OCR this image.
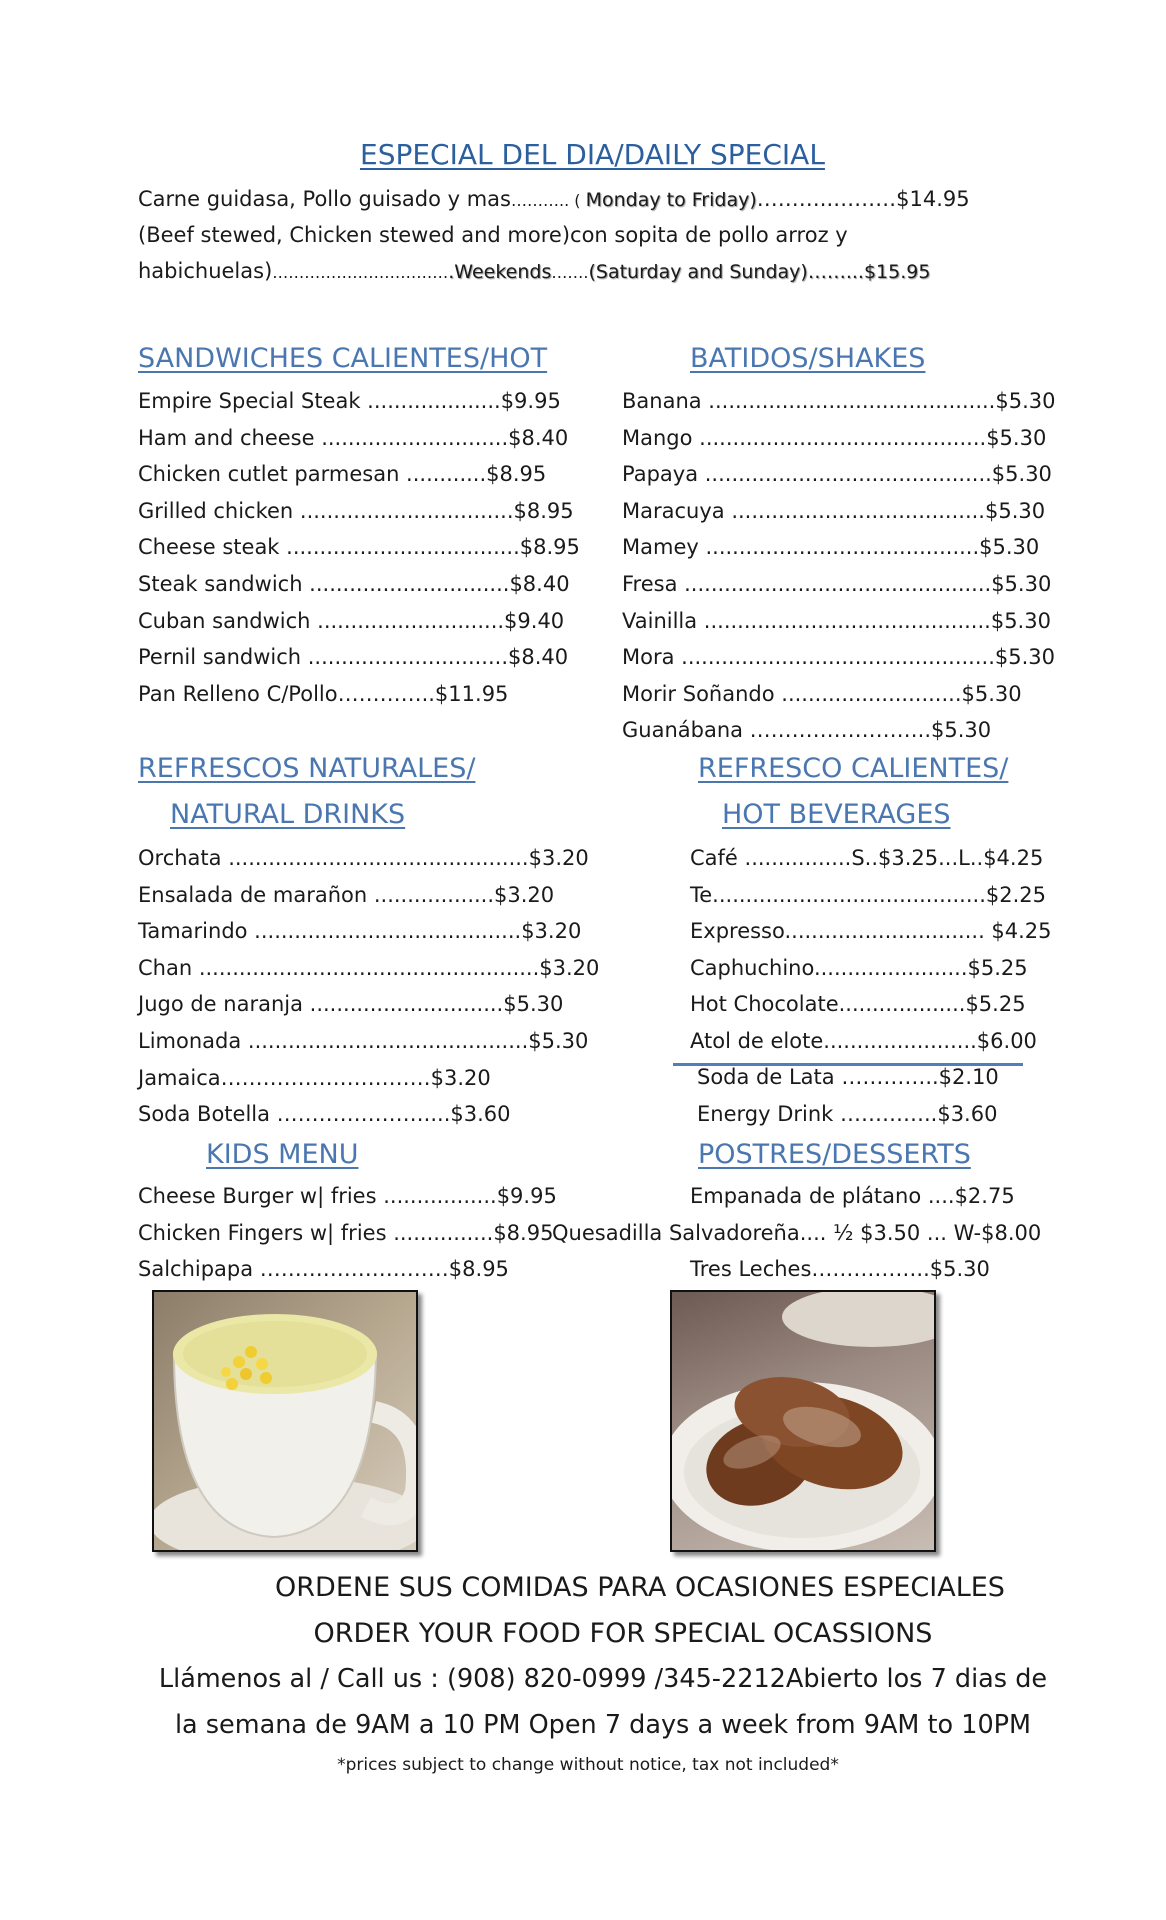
ESPECIAL DEL DIA/DAILY SPECIAL
Carne guidasa, Pollo guisado y mas……….. ( Monday to Friday)………..………$14.95
(Beef stewed, Chicken stewed and more)con sopita de pollo arroz y
habichuelas)…………………………….Weekends…….(Saturday and Sunday)……...$15.95
SANDWICHES CALIENTES/HOT
Empire Special Steak ....................$9.95
Ham and cheese ............................$8.40
Chicken cutlet parmesan ............$8.95
Grilled chicken ................................$8.95
Cheese steak ...................................$8.95
Steak sandwich ..............................$8.40
Cuban sandwich ............................$9.40
Pernil sandwich ..............................$8.40
Pan Relleno C/Pollo…………..$11.95
BATIDOS/SHAKES
Banana ...........................................$5.30
Mango ...........................................$5.30
Papaya ...........................................$5.30
Maracuya ......................................$5.30
Mamey .........................................$5.30
Fresa ..............................................$5.30
Vainilla ...........................................$5.30
Mora ...............................................$5.30
Morir Soñando ...........................$5.30
Guanábana ……………………..$5.30
REFRESCOS NATURALES/
NATURAL DRINKS
Orchata .............................................$3.20
Ensalada de marañon ..................$3.20
Tamarindo ........................................$3.20
Chan ...................................................$3.20
Jugo de naranja .............................$5.30
Limonada ..........................................$5.30
Jamaica…………………………$3.20
Soda Botella …………………....$3.60
REFRESCO CALIENTES/
HOT BEVERAGES
Café ................S..$3.25...L..$4.25
Te.........................................$2.25
Expresso.............................. $4.25
Caphuchino.......................$5.25
Hot Chocolate...................$5.25
Atol de elote.......................$6.00
Soda de Lata …………..$2.10
Energy Drink …………..$3.60
KIDS MENU
Cheese Burger w| fries .................$9.95
Chicken Fingers w| fries ...............$8.95
Salchipapa ………………………$8.95
POSTRES/DESSERTS
Empanada de plátano ....$2.75
Quesadilla Salvadoreña.... ½ $3.50 ... W-$8.00
Tres Leches……………..$5.30
ORDENE SUS COMIDAS PARA OCASIONES ESPECIALES
ORDER YOUR FOOD FOR SPECIAL OCASSIONS
Llámenos al / Call us : (908) 820-0999 /345-2212Abierto los 7 dias de
la semana de 9AM a 10 PM Open 7 days a week from 9AM to 10PM
*prices subject to change without notice, tax not included*
